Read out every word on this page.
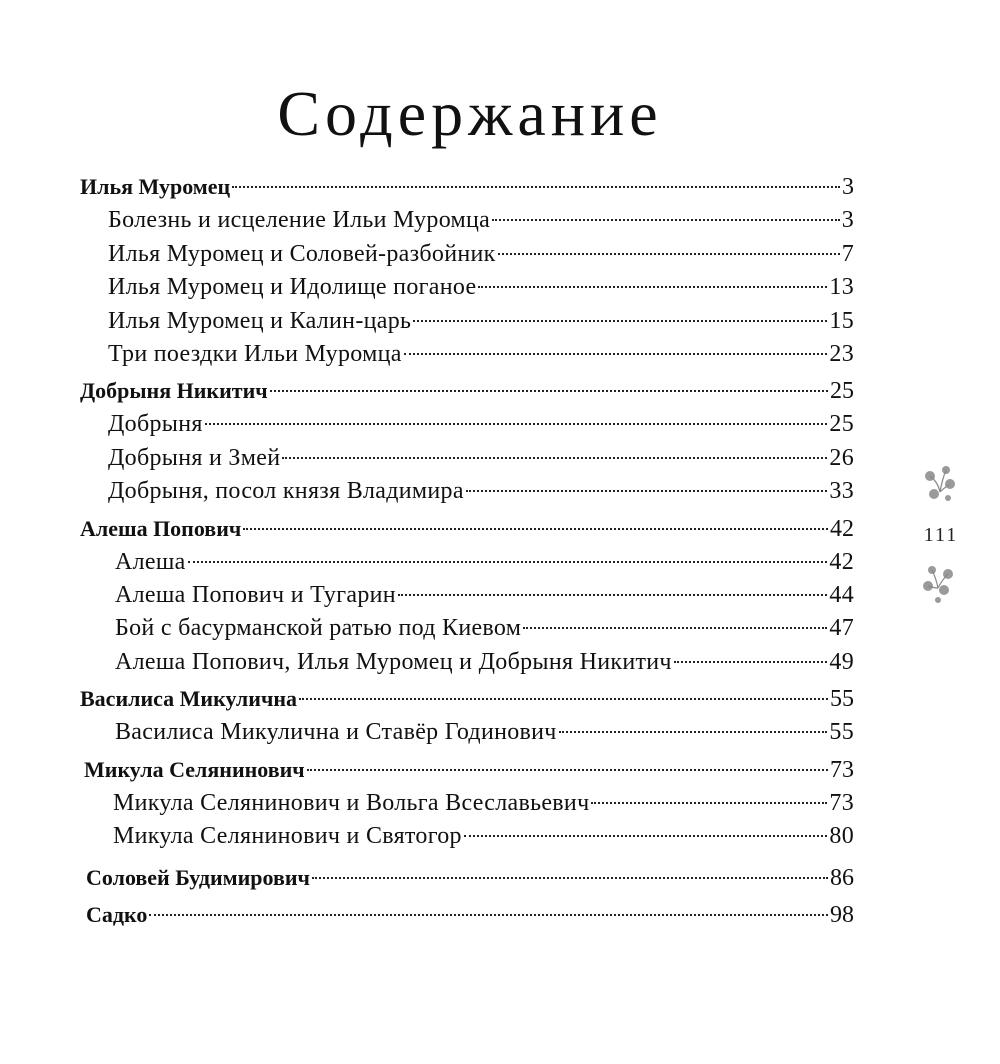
Содержание
Илья Муромец	3
Болезнь и исцеление Ильи Муромца	3
Илья Муромец и Соловей-разбойник	7
Илья Муромец и Идолище поганое	13
Илья Муромец и Калин-царь	15
Три поездки Ильи Муромца	23
Добрыня Никитич	25
Добрыня	25
Добрыня и Змей	26
Добрыня, посол князя Владимира	33
Алеша Попович	42
Алеша	42
Алеша Попович и Тугарин	44
Бой с басурманской ратью под Киевом	47
Алеша Попович, Илья Муромец и Добрыня Никитич	49
Василиса Микулична	55
Василиса Микулична и Ставёр Годинович	55
Микула Селянинович	73
Микула Селянинович и Вольга Всеславьевич	73
Микула Селянинович и Святогор	80
Соловей Будимирович	86
Садко	98
111
